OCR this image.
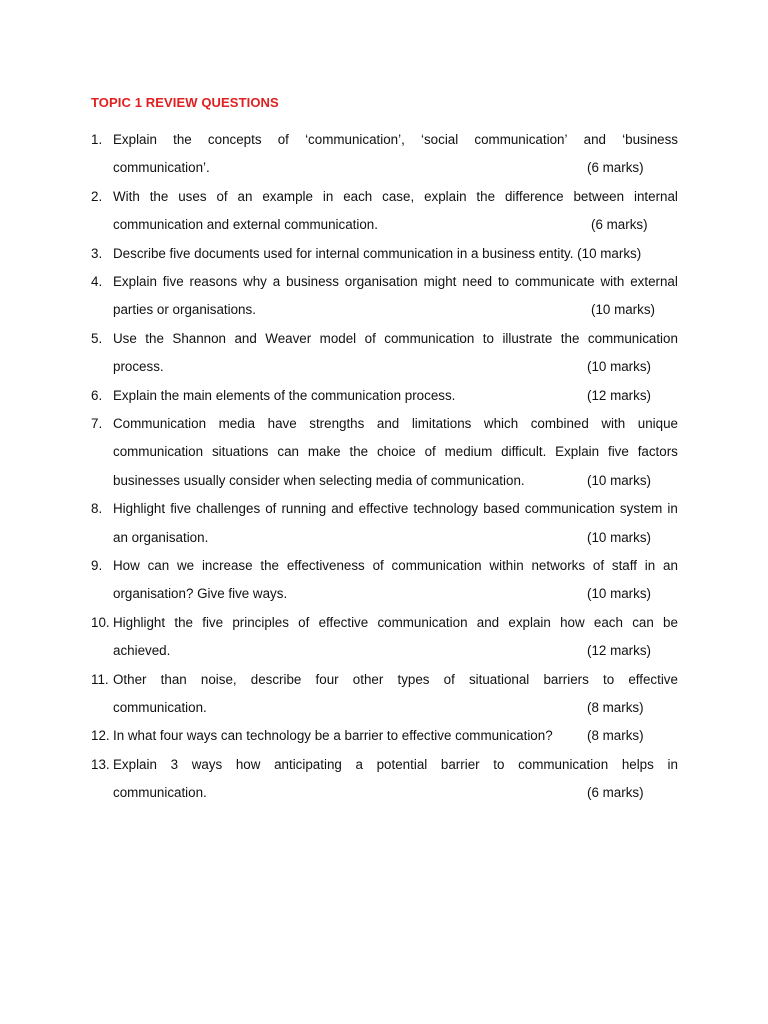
TOPIC 1 REVIEW QUESTIONS
1. Explain the concepts of ‘communication’, ‘social communication’ and ‘business
communication’.	(6 marks)
2. With the uses of an example in each case, explain the difference between internal
communication and external communication.	(6 marks)
3. Describe five documents used for internal communication in a business entity. (10 marks)
4. Explain five reasons why a business organisation might need to communicate with external
parties or organisations.	(10 marks)
5. Use the Shannon and Weaver model of communication to illustrate the communication
process.	(10 marks)
6. Explain the main elements of the communication process.	(12 marks)
7. Communication media have strengths and limitations which combined with unique
communication situations can make the choice of medium difficult. Explain five factors
businesses usually consider when selecting media of communication.	(10 marks)
8. Highlight five challenges of running and effective technology based communication system in
an organisation.	(10 marks)
9. How can we increase the effectiveness of communication within networks of staff in an
organisation? Give five ways.	(10 marks)
10. Highlight the five principles of effective communication and explain how each can be
achieved.	(12 marks)
11. Other than noise, describe four other types of situational barriers to effective
communication.	(8 marks)
12. In what four ways can technology be a barrier to effective communication?	(8 marks)
13. Explain 3 ways how anticipating a potential barrier to communication helps in
communication.	(6 marks)
